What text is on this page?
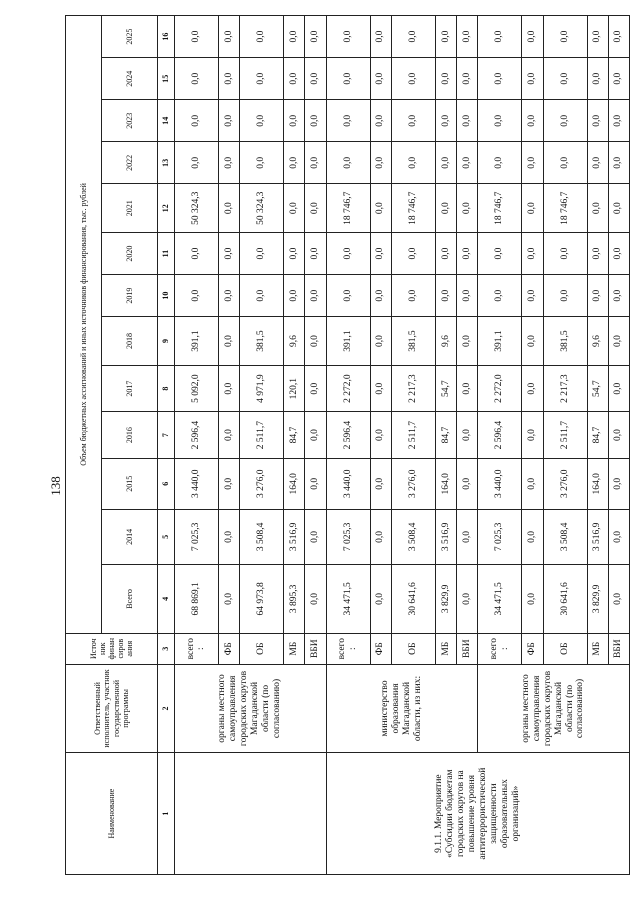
138
Наименование	Ответственный исполнитель, участник государственной программы	Источ ник финан сиров ания	Объем бюджетных ассигнований и иных источников финансирования, тыс. рублей												
			Всего	2014	2015	2016	2017	2018	2019	2020	2021	2022	2023	2024	2025
1	2	3	4	5	6	7	8	9	10	11	12	13	14	15	16
	органы местного самоуправления городских округов Магаданской области (по согласованию)	всего :	68 869,1	7 025,3	3 440,0	2 596,4	5 092,0	391,1	0,0	0,0	50 324,3	0,0	0,0	0,0	0,0
		ФБ	0,0	0,0	0,0	0,0	0,0	0,0	0,0	0,0	0,0	0,0	0,0	0,0	0,0
		ОБ	64 973,8	3 508,4	3 276,0	2 511,7	4 971,9	381,5	0,0	0,0	50 324,3	0,0	0,0	0,0	0,0
		МБ	3 895,3	3 516,9	164,0	84,7	120,1	9,6	0,0	0,0	0,0	0,0	0,0	0,0	0,0
		ВБИ	0,0	0,0	0,0	0,0	0,0	0,0	0,0	0,0	0,0	0,0	0,0	0,0	0,0
9.1.1. Мероприятие «Субсидии бюджетам городских округов на повышение уровня антитеррористической защищенности образовательных организаций»	министерство образования Магаданской области, из них:	всего :	34 471,5	7 025,3	3 440,0	2 596,4	2 272,0	391,1	0,0	0,0	18 746,7	0,0	0,0	0,0	0,0
		ФБ	0,0	0,0	0,0	0,0	0,0	0,0	0,0	0,0	0,0	0,0	0,0	0,0	0,0
		ОБ	30 641,6	3 508,4	3 276,0	2 511,7	2 217,3	381,5	0,0	0,0	18 746,7	0,0	0,0	0,0	0,0
		МБ	3 829,9	3 516,9	164,0	84,7	54,7	9,6	0,0	0,0	0,0	0,0	0,0	0,0	0,0
		ВБИ	0,0	0,0	0,0	0,0	0,0	0,0	0,0	0,0	0,0	0,0	0,0	0,0	0,0
	органы местного самоуправления городских округов Магаданской области (по согласованию)	всего :	34 471,5	7 025,3	3 440,0	2 596,4	2 272,0	391,1	0,0	0,0	18 746,7	0,0	0,0	0,0	0,0
		ФБ	0,0	0,0	0,0	0,0	0,0	0,0	0,0	0,0	0,0	0,0	0,0	0,0	0,0
		ОБ	30 641,6	3 508,4	3 276,0	2 511,7	2 217,3	381,5	0,0	0,0	18 746,7	0,0	0,0	0,0	0,0
		МБ	3 829,9	3 516,9	164,0	84,7	54,7	9,6	0,0	0,0	0,0	0,0	0,0	0,0	0,0
		ВБИ	0,0	0,0	0,0	0,0	0,0	0,0	0,0	0,0	0,0	0,0	0,0	0,0	0,0
